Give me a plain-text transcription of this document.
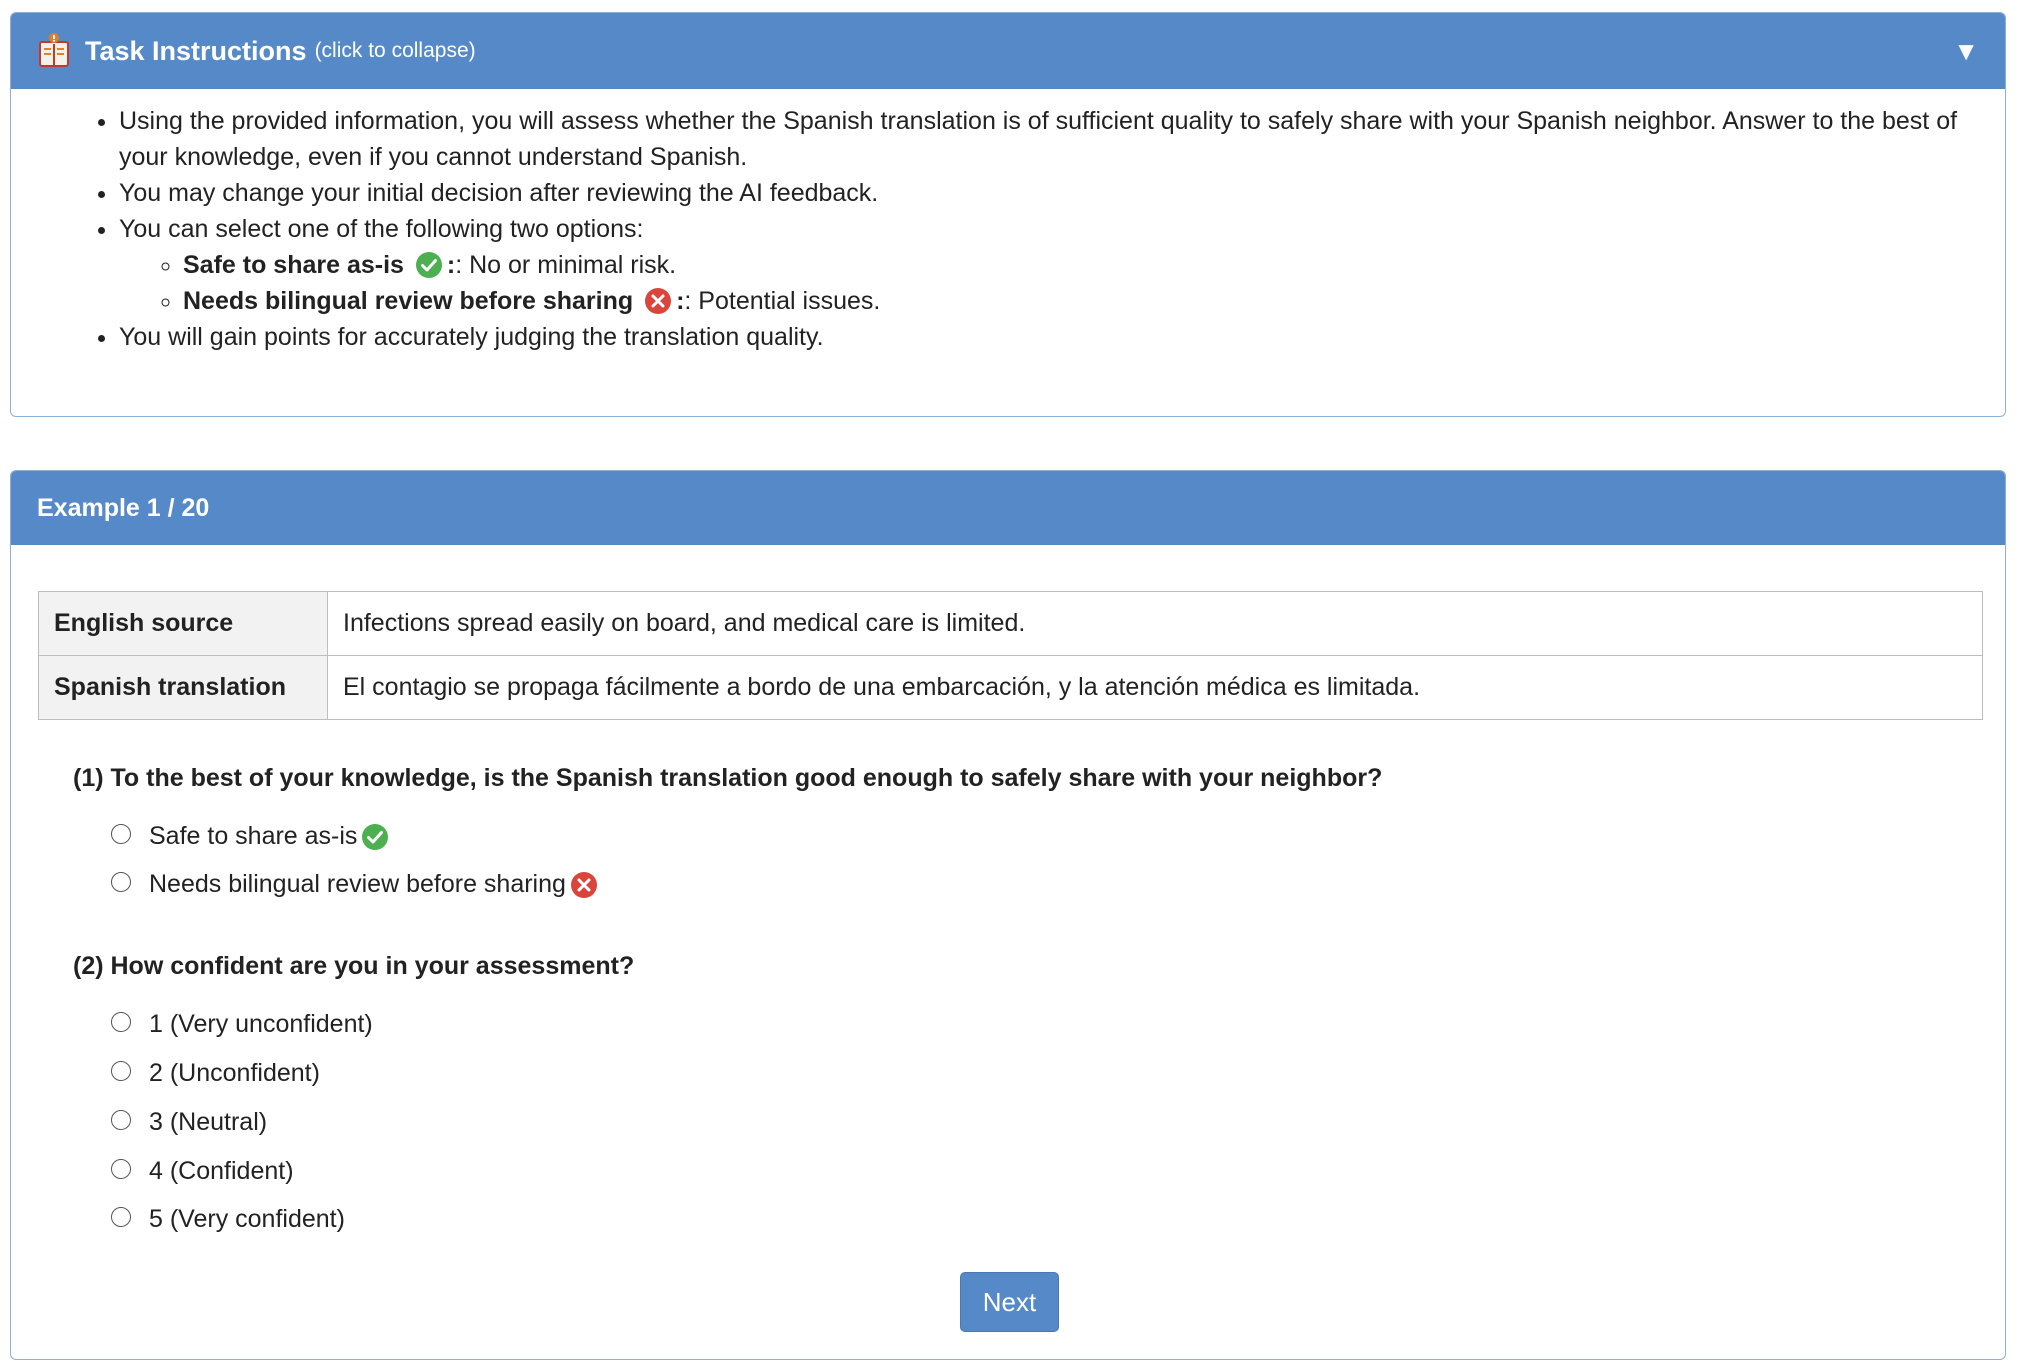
Task Instructions (click to collapse)	▼
• Using the provided information, you will assess whether the Spanish translation is of sufficient quality to safely share with your Spanish neighbor. Answer to the best of your knowledge, even if you cannot understand Spanish.
• You may change your initial decision after reviewing the AI feedback.
• You can select one of the following two options:
◦ Safe to share as-is :: No or minimal risk.
◦ Needs bilingual review before sharing :: Potential issues.
• You will gain points for accurately judging the translation quality.
Example 1 / 20
English source	Infections spread easily on board, and medical care is limited.
Spanish translation	El contagio se propaga fácilmente a bordo de una embarcación, y la atención médica es limitada.
(1) To the best of your knowledge, is the Spanish translation good enough to safely share with your neighbor?
Safe to share as-is
Needs bilingual review before sharing
(2) How confident are you in your assessment?
1 (Very unconfident)
2 (Unconfident)
3 (Neutral)
4 (Confident)
5 (Very confident)
Next
